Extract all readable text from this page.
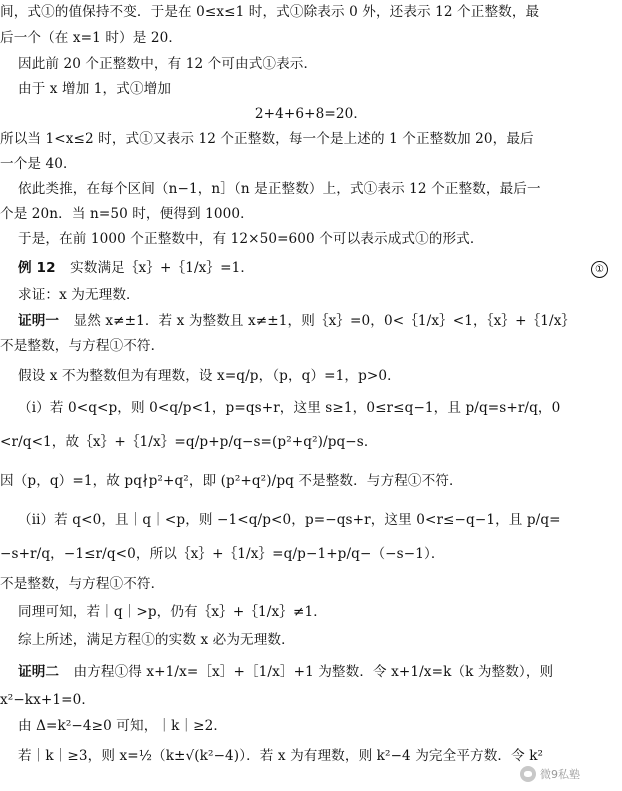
间，式①的值保持不变．于是在 0≤x≤1 时，式①除表示 0 外，还表示 12 个正整数，最
后一个（在 x=1 时）是 20．
因此前 20 个正整数中，有 12 个可由式①表示．
由于 x 增加 1，式①增加
2+4+6+8=20．
所以当 1<x≤2 时，式①又表示 12 个正整数，每一个是上述的 1 个正整数加 20，最后
一个是 40．
依此类推，在每个区间（n−1，n］（n 是正整数）上，式①表示 12 个正整数，最后一
个是 20n．当 n=50 时，便得到 1000．
于是，在前 1000 个正整数中，有 12×50=600 个可以表示成式①的形式．
例 12 实数满足｛x｝+｛1/x｝=1．	①
求证：x 为无理数．
证明一 显然 x≠±1．若 x 为整数且 x≠±1，则｛x｝=0，0<｛1/x｝<1，｛x｝+｛1/x｝
不是整数，与方程①不符．
假设 x 不为整数但为有理数，设 x=q/p，（p，q）=1，p>0．
（ⅰ）若 0<q<p，则 0<q/p<1，p=qs+r，这里 s≥1，0≤r≤q−1，且 p/q=s+r/q，0
<r/q<1，故｛x｝+｛1/x｝=q/p+p/q−s=(p²+q²)/pq−s．
因（p，q）=1，故 pq∤p²+q²，即 (p²+q²)/pq 不是整数．与方程①不符．
（ⅱ）若 q<0，且｜q｜<p，则 −1<q/p<0，p=−qs+r，这里 0<r≤−q−1，且 p/q=
−s+r/q，−1≤r/q<0，所以｛x｝+｛1/x｝=q/p−1+p/q−（−s−1）．
不是整数，与方程①不符．
同理可知，若｜q｜>p，仍有｛x｝+｛1/x｝≠1．
综上所述，满足方程①的实数 x 必为无理数．
证明二 由方程①得 x+1/x=［x］+［1/x］+1 为整数．令 x+1/x=k（k 为整数），则
x²−kx+1=0．
由 Δ=k²−4≥0 可知，｜k｜≥2．
若｜k｜≥3，则 x=½（k±√(k²−4)）．若 x 为有理数，则 k²−4 为完全平方数．令 k²
微9私塾
